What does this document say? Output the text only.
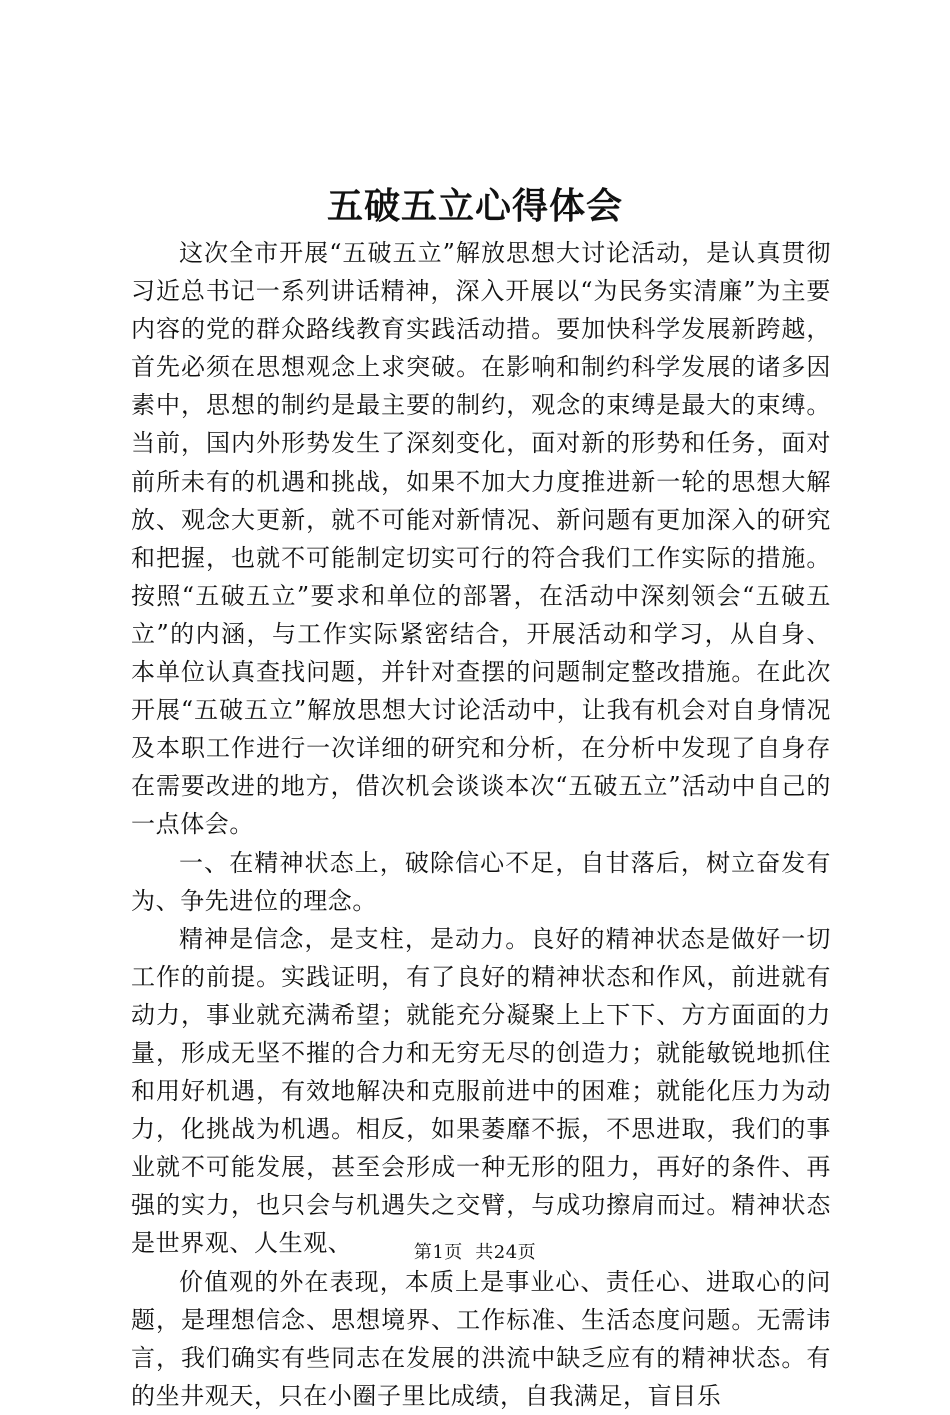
五破五立心得体会

这次全市开展“五破五立”解放思想大讨论活动，是认真贯彻习近总书记一系列讲话精神，深入开展以“为民务实清廉”为主要内容的党的群众路线教育实践活动措。要加快科学发展新跨越，首先必须在思想观念上求突破。在影响和制约科学发展的诸多因素中，思想的制约是最主要的制约，观念的束缚是最大的束缚。当前，国内外形势发生了深刻变化，面对新的形势和任务，面对前所未有的机遇和挑战，如果不加大力度推进新一轮的思想大解放、观念大更新，就不可能对新情况、新问题有更加深入的研究和把握，也就不可能制定切实可行的符合我们工作实际的措施。按照“五破五立”要求和单位的部署，在活动中深刻领会“五破五立”的内涵，与工作实际紧密结合，开展活动和学习，从自身、本单位认真查找问题，并针对查摆的问题制定整改措施。在此次开展“五破五立”解放思想大讨论活动中，让我有机会对自身情况及本职工作进行一次详细的研究和分析，在分析中发现了自身存在需要改进的地方，借次机会谈谈本次“五破五立”活动中自己的一点体会。

一、在精神状态上，破除信心不足，自甘落后，树立奋发有为、争先进位的理念。

精神是信念，是支柱，是动力。良好的精神状态是做好一切工作的前提。实践证明，有了良好的精神状态和作风，前进就有动力，事业就充满希望；就能充分凝聚上上下下、方方面面的力量，形成无坚不摧的合力和无穷无尽的创造力；就能敏锐地抓住和用好机遇，有效地解决和克服前进中的困难；就能化压力为动力，化挑战为机遇。相反，如果萎靡不振，不思进取，我们的事业就不可能发展，甚至会形成一种无形的阻力，再好的条件、再强的实力，也只会与机遇失之交臂，与成功擦肩而过。精神状态是世界观、人生观、

价值观的外在表现，本质上是事业心、责任心、进取心的问题，是理想信念、思想境界、工作标准、生活态度问题。无需讳言，我们确实有些同志在发展的洪流中缺乏应有的精神状态。有的坐井观天，只在小圈子里比成绩，自我满足，盲目乐

第1页 共24页
